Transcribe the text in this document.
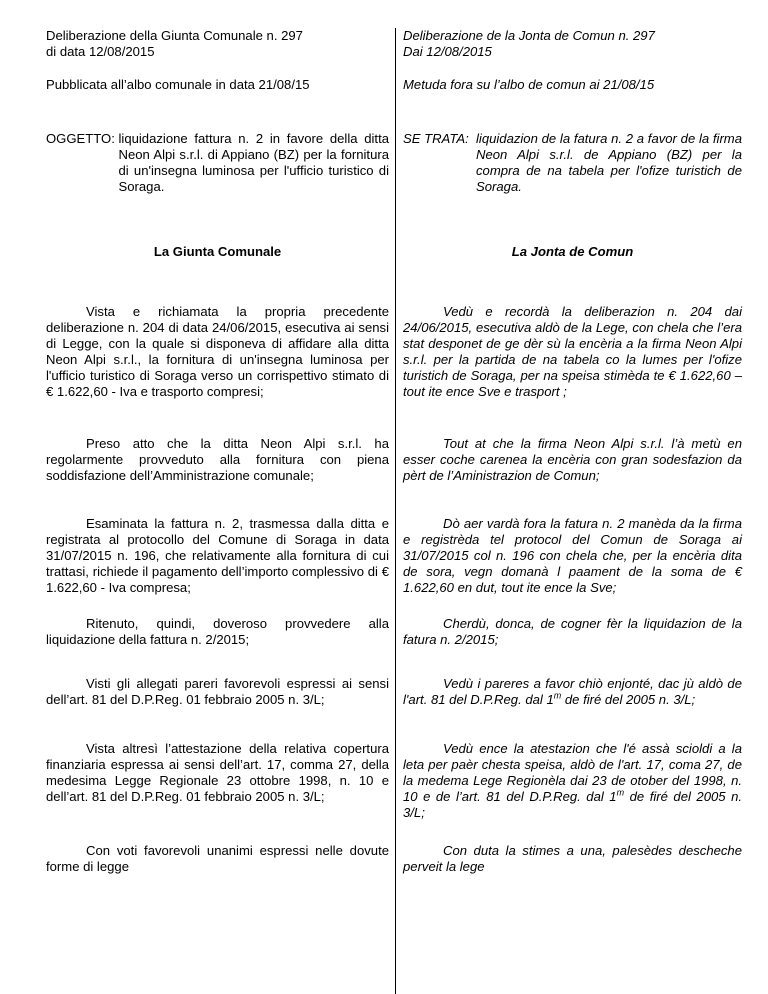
Deliberazione della Giunta Comunale n. 297

di data 12/08/2015

Pubblicata all’albo comunale in data 21/08/15

OGGETTO: liquidazione fattura n. 2 in favore della ditta Neon Alpi s.r.l. di Appiano (BZ) per la fornitura di un'insegna luminosa per l'ufficio turistico di Soraga.

La Giunta Comunale

Vista e richiamata la propria precedente deliberazione n. 204 di data 24/06/2015, esecutiva ai sensi di Legge, con la quale si disponeva di affidare alla ditta Neon Alpi s.r.l., la fornitura di un'insegna luminosa per l'ufficio turistico di Soraga verso un corrispettivo stimato di € 1.622,60 - Iva e trasporto compresi;

Preso atto che la ditta Neon Alpi s.r.l. ha regolarmente provveduto alla fornitura con piena soddisfazione dell’Amministrazione comunale;

Esaminata la fattura n. 2, trasmessa dalla ditta e registrata al protocollo del Comune di Soraga in data 31/07/2015 n. 196, che relativamente alla fornitura di cui trattasi, richiede il pagamento dell’importo complessivo di € 1.622,60 - Iva compresa;

Ritenuto, quindi, doveroso provvedere alla liquidazione della fattura n. 2/2015;

Visti gli allegati pareri favorevoli espressi ai sensi dell’art. 81 del D.P.Reg. 01 febbraio 2005 n. 3/L;

Vista altresì l’attestazione della relativa copertura finanziaria espressa ai sensi dell’art. 17, comma 27, della medesima Legge Regionale 23 ottobre 1998, n. 10 e dell’art. 81 del D.P.Reg. 01 febbraio 2005 n. 3/L;

Con voti favorevoli unanimi espressi nelle dovute forme di legge

Deliberazione de la Jonta de Comun n. 297

Dai 12/08/2015

Metuda fora su l’albo de comun ai 21/08/15

SE TRATA: liquidazion de la fatura n. 2 a favor de la firma Neon Alpi s.r.l. de Appiano (BZ) per la compra de na tabela per l'ofize turistich de Soraga.

La Jonta de Comun

Vedù e recordà la deliberazion n. 204 dai 24/06/2015, esecutiva aldò de la Lege, con chela che l’era stat desponet de ge dèr sù la encèria a la firma Neon Alpi s.r.l. per la partida de na tabela co la lumes per l'ofize turistich de Soraga, per na speisa stimèda te € 1.622,60 – tout ite ence Sve e trasport ;

Tout at che la firma Neon Alpi s.r.l. l’à metù en esser coche carenea la encèria con gran sodesfazion da pèrt de l’Aministrazion de Comun;

Dò aer vardà fora la fatura n. 2 manèda da la firma e registrèda tel protocol del Comun de Soraga ai 31/07/2015 col n. 196 con chela che, per la encèria dita de sora, vegn domanà l paament de la soma de € 1.622,60 en dut, tout ite ence la Sve;

Cherdù, donca, de cogner fèr la liquidazion de la fatura n. 2/2015;

Vedù i pareres a favor chiò enjonté, dac jù aldò de l'art. 81 del D.P.Reg. dal 1$^m$ de firé del 2005 n. 3/L;

Vedù ence la atestazion che l'é assà scioldi a la leta per paèr chesta speisa, aldò de l'art. 17, coma 27, de la medema Lege Regionèla dai 23 de otober del 1998, n. 10 e de l’art. 81 del D.P.Reg. dal 1$^m$ de firé del 2005 n. 3/L;

Con duta la stimes a una, palesèdes descheche perveit la lege
